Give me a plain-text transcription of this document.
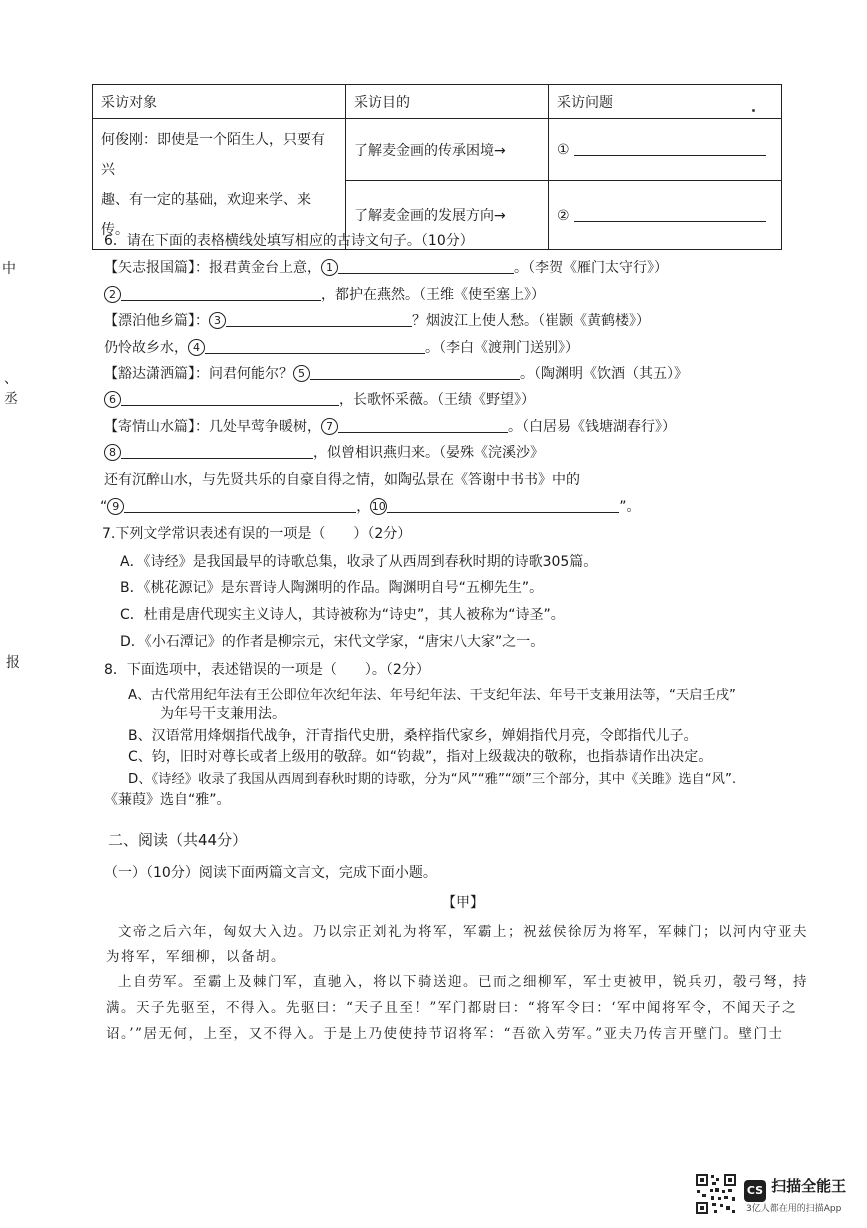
中
、
丞
报
采访对象	采访目的	采访问题

何俊刚：即使是一个陌生人，只要有兴
趣、有一定的基础，欢迎来学、来传。	了解麦金画的传承困境→	①
	了解麦金画的发展方向→	②
6．请在下面的表格横线处填写相应的古诗文句子。（10分）
【矢志报国篇】：报君黄金台上意， 1	。（李贺《雁门太守行》）
2	，都护在燕然。（王维《使至塞上》）
【漂泊他乡篇】： 3	？烟波江上使人愁。（崔颢《黄鹤楼》）
仍怜故乡水， 4	。（李白《渡荆门送别》）
【豁达潇洒篇】：问君何能尔？ 5	。（陶渊明《饮酒（其五）》
6	，长歌怀采薇。（王绩《野望》）
【寄情山水篇】：几处早莺争暖树， 7	。（白居易《钱塘湖春行》）
8	，似曾相识燕归来。（晏殊《浣溪沙》
还有沉醉山水，与先贤共乐的自豪自得之情，如陶弘景在《答谢中书书》中的
“ 9	， 10	”。
7.下列文学常识表述有误的一项是（　　）（2分）
A．《诗经》是我国最早的诗歌总集，收录了从西周到春秋时期的诗歌305篇。
B．《桃花源记》是东晋诗人陶渊明的作品。陶渊明自号“五柳先生”。
C．杜甫是唐代现实主义诗人，其诗被称为“诗史”，其人被称为“诗圣”。
D．《小石潭记》的作者是柳宗元，宋代文学家，“唐宋八大家”之一。
8．下面选项中，表述错误的一项是（　　）。（2分）
A、古代常用纪年法有王公即位年次纪年法、年号纪年法、干支纪年法、年号干支兼用法等，“天启壬戌”
为年号干支兼用法。
B、汉语常用烽烟指代战争，汗青指代史册，桑梓指代家乡，婵娟指代月亮，令郎指代儿子。
C、钧，旧时对尊长或者上级用的敬辞。如“钧裁”，指对上级裁决的敬称，也指恭请作出决定。
D、《诗经》收录了我国从西周到春秋时期的诗歌，分为“风”“雅”“颂”三个部分，其中《关雎》选自“风”.
《蒹葭》选自“雅”。
二、阅读（共44分）
（一）（10分）阅读下面两篇文言文，完成下面小题。
【甲】
文帝之后六年，匈奴大入边。乃以宗正刘礼为将军，军霸上；祝兹侯徐厉为将军，军棘门；以河内守亚夫
为将军，军细柳，以备胡。
上自劳军。至霸上及棘门军，直驰入，将以下骑送迎。已而之细柳军，军士吏被甲，锐兵刃，彀弓弩，持
满。天子先驱至，不得入。先驱曰：“天子且至！”军门都尉曰：“将军令曰：‘军中闻将军令，不闻天子之
诏。’”居无何，上至，又不得入。于是上乃使使持节诏将军：“吾欲入劳军。”亚夫乃传言开壁门。壁门士
CS 扫描全能王
3亿人都在用的扫描App
